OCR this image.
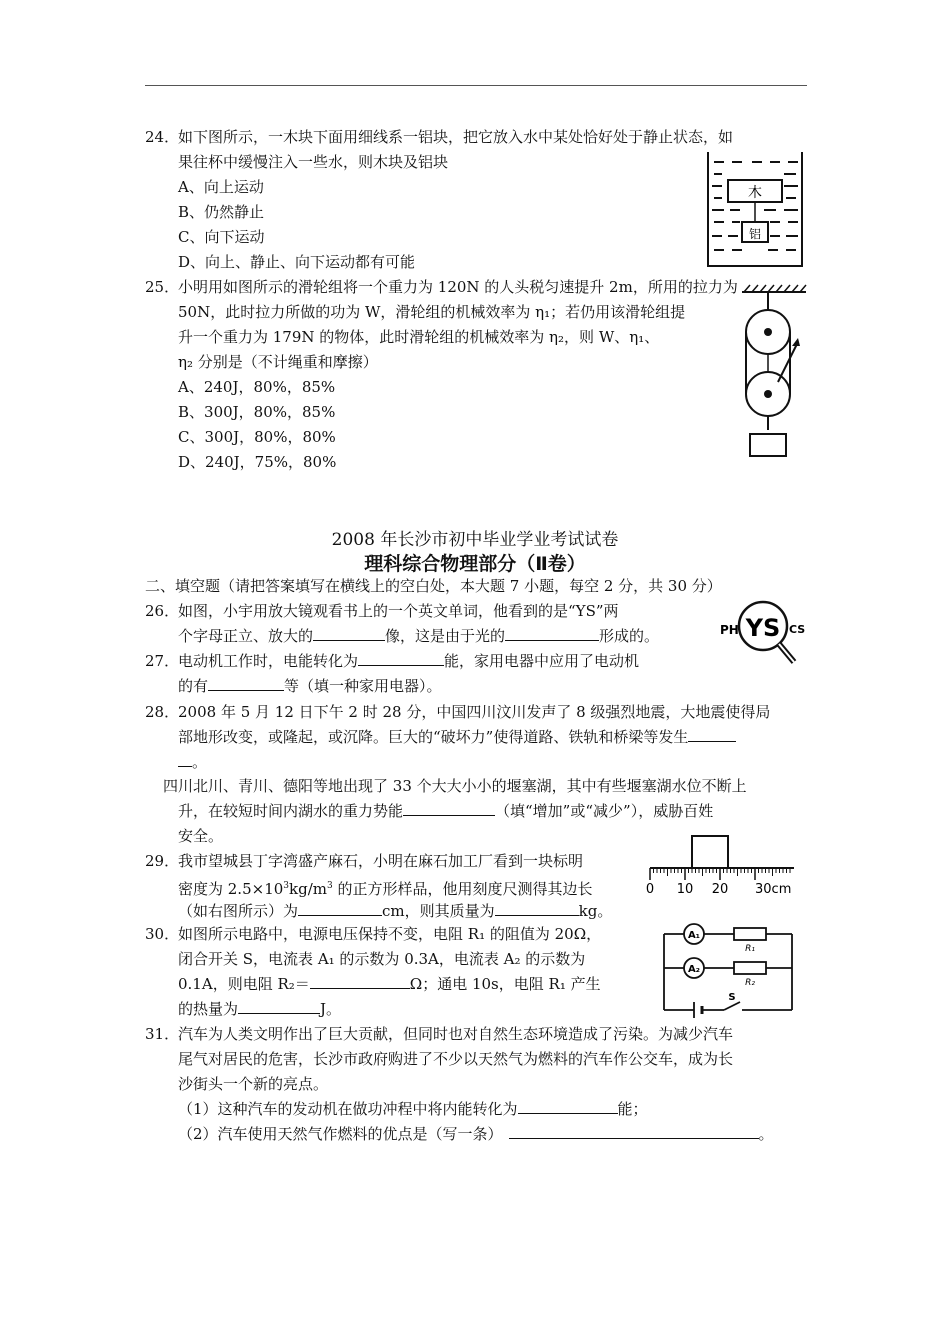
24．
如下图所示，一木块下面用细线系一铝块，把它放入水中某处恰好处于静止状态，如
果往杯中缓慢注入一些水，则木块及铝块
A、向上运动
B、仍然静止
C、向下运动
D、向上、静止、向下运动都有可能
木
铝
25．
小明用如图所示的滑轮组将一个重力为 120N 的人头税匀速提升 2m，所用的拉力为
50N，此时拉力所做的功为 W，滑轮组的机械效率为 η₁；若仍用该滑轮组提
升一个重力为 179N 的物体，此时滑轮组的机械效率为 η₂，则 W、η₁、
η₂ 分别是（不计绳重和摩擦）
A、240J，80%，85%
B、300J，80%，85%
C、300J，80%，80%
D、240J，75%，80%
2008 年长沙市初中毕业学业考试试卷
理科综合物理部分（Ⅱ卷）
二、填空题（请把答案填写在横线上的空白处，本大题 7 小题，每空 2 分，共 30 分）
26．
如图，小宇用放大镜观看书上的一个英文单词，他看到的是“YS”两
个字母正立、放大的	像，这是由于光的	形成的。	PH YS CS
27．
电动机工作时，电能转化为	能，家用电器中应用了电动机
的有	等（填一种家用电器）。
28．
2008 年 5 月 12 日下午 2 时 28 分，中国四川汶川发声了 8 级强烈地震，大地震使得局
部地形改变，或隆起，或沉降。巨大的“破坏力”使得道路、铁轨和桥梁等发生
。
四川北川、青川、德阳等地出现了 33 个大大小小的堰塞湖，其中有些堰塞湖水位不断上
升，在较短时间内湖水的重力势能	（填“增加”或“减少”），威胁百姓
安全。
29．
我市望城县丁字湾盛产麻石，小明在麻石加工厂看到一块标明
密度为 $2.5\times 10^3kg/m^3$ 的正方形样品，他用刻度尺测得其边长
（如右图所示）为	cm，则其质量为	kg。
0 10 20 30cm
30．
如图所示电路中，电源电压保持不变，电阻 R₁ 的阻值为 20Ω，
闭合开关 S，电流表 A₁ 的示数为 0.3A，电流表 A₂ 的示数为
0.1A，则电阻 R₂＝	Ω；通电 10s，电阻 R₁ 产生
的热量为	J。
A₁
A₂
R₁
R₂
S
31．
汽车为人类文明作出了巨大贡献，但同时也对自然生态环境造成了污染。为减少汽车
尾气对居民的危害，长沙市政府购进了不少以天然气为燃料的汽车作公交车，成为长
沙街头一个新的亮点。
（1）这种汽车的发动机在做功冲程中将内能转化为	能；
（2）汽车使用天然气作燃料的优点是（写一条）	。
